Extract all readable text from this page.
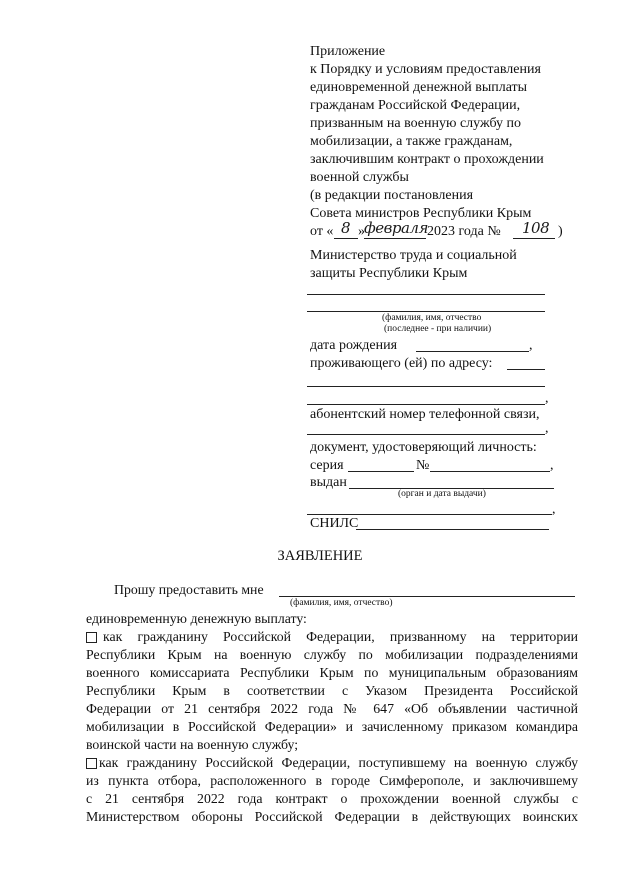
Приложение
к Порядку и условиям предоставления
единовременной денежной выплаты
гражданам Российской Федерации,
призванным на военную службу по
мобилизации, а также гражданам,
заключившим контракт о прохождении
военной службы
(в редакции постановления
Совета министров Республики Крым
от « 8 » февраля 2023 года № 108 )
Министерство труда и социальной
защиты Республики Крым
(фамилия, имя, отчество
(последнее - при наличии)
дата рождения	,
проживающего (ей) по адресу:
,
абонентский номер телефонной связи,
,
документ, удостоверяющий личность:
серия	№	,
выдан
(орган и дата выдачи)
,
СНИЛС
ЗАЯВЛЕНИЕ
Прошу предоставить мне
(фамилия, имя, отчество)
единовременную денежную выплату:
как гражданину Российской Федерации, призванному на территории
Республики Крым на военную службу по мобилизации подразделениями
военного комиссариата Республики Крым по муниципальным образованиям
Республики Крым в соответствии с Указом Президента Российской
Федерации от 21 сентября 2022 года № 647 «Об объявлении частичной
мобилизации в Российской Федерации» и зачисленному приказом командира
воинской части на военную службу;
как гражданину Российской Федерации, поступившему на военную службу
из пункта отбора, расположенного в городе Симферополе, и заключившему
с 21 сентября 2022 года контракт о прохождении военной службы с
Министерством обороны Российской Федерации в действующих воинских
